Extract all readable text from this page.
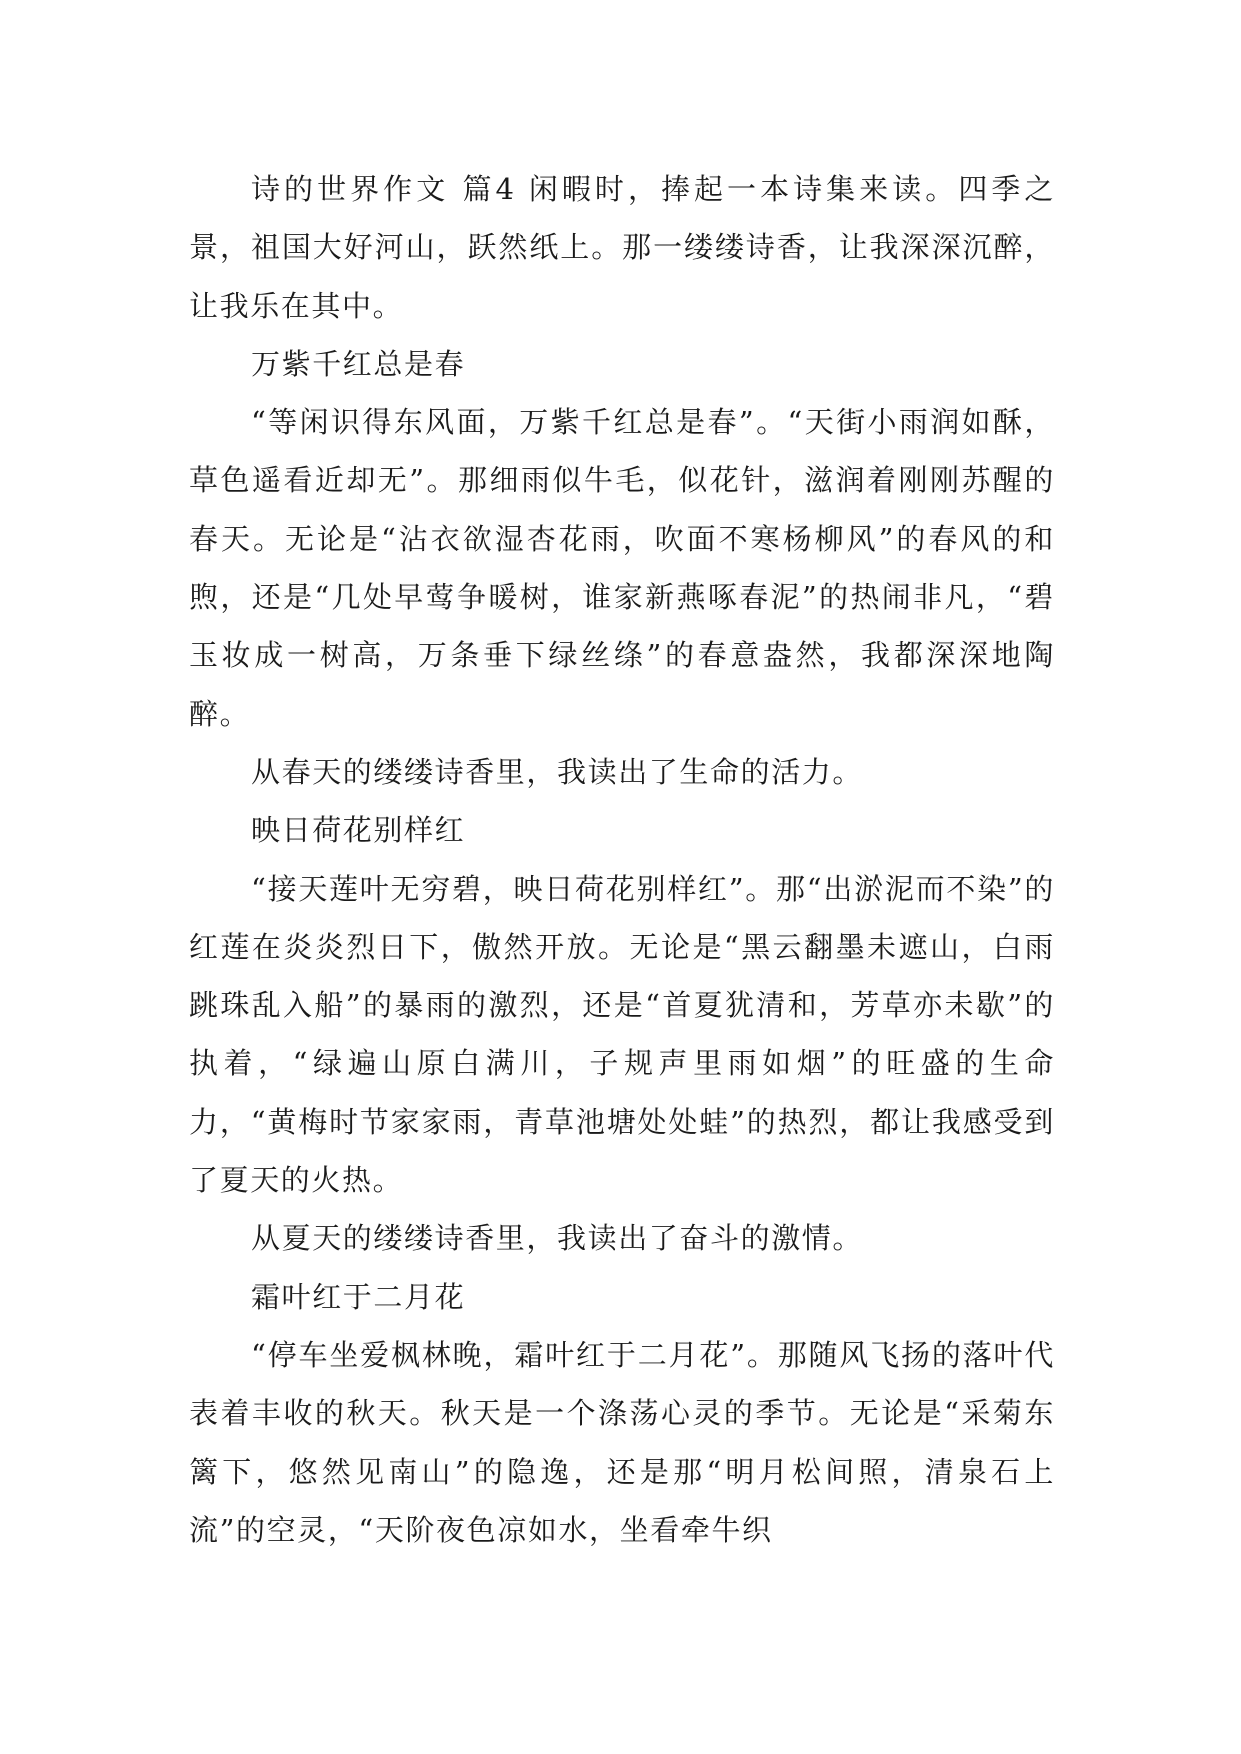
诗的世界作文 篇4 闲暇时，捧起一本诗集来读。四季之景，祖国大好河山，跃然纸上。那一缕缕诗香，让我深深沉醉，让我乐在其中。

万紫千红总是春

“等闲识得东风面，万紫千红总是春”。“天街小雨润如酥，草色遥看近却无”。那细雨似牛毛，似花针，滋润着刚刚苏醒的春天。无论是“沾衣欲湿杏花雨，吹面不寒杨柳风”的春风的和煦，还是“几处早莺争暖树，谁家新燕啄春泥”的热闹非凡，“碧玉妆成一树高，万条垂下绿丝绦”的春意盎然，我都深深地陶醉。

从春天的缕缕诗香里，我读出了生命的活力。

映日荷花别样红

“接天莲叶无穷碧，映日荷花别样红”。那“出淤泥而不染”的红莲在炎炎烈日下，傲然开放。无论是“黑云翻墨未遮山，白雨跳珠乱入船”的暴雨的激烈，还是“首夏犹清和，芳草亦未歇”的执着，“绿遍山原白满川，子规声里雨如烟”的旺盛的生命力，“黄梅时节家家雨，青草池塘处处蛙”的热烈，都让我感受到了夏天的火热。

从夏天的缕缕诗香里，我读出了奋斗的激情。

霜叶红于二月花

“停车坐爱枫林晚，霜叶红于二月花”。那随风飞扬的落叶代表着丰收的秋天。秋天是一个涤荡心灵的季节。无论是“采菊东篱下，悠然见南山”的隐逸，还是那“明月松间照，清泉石上流”的空灵，“天阶夜色凉如水，坐看牵牛织
